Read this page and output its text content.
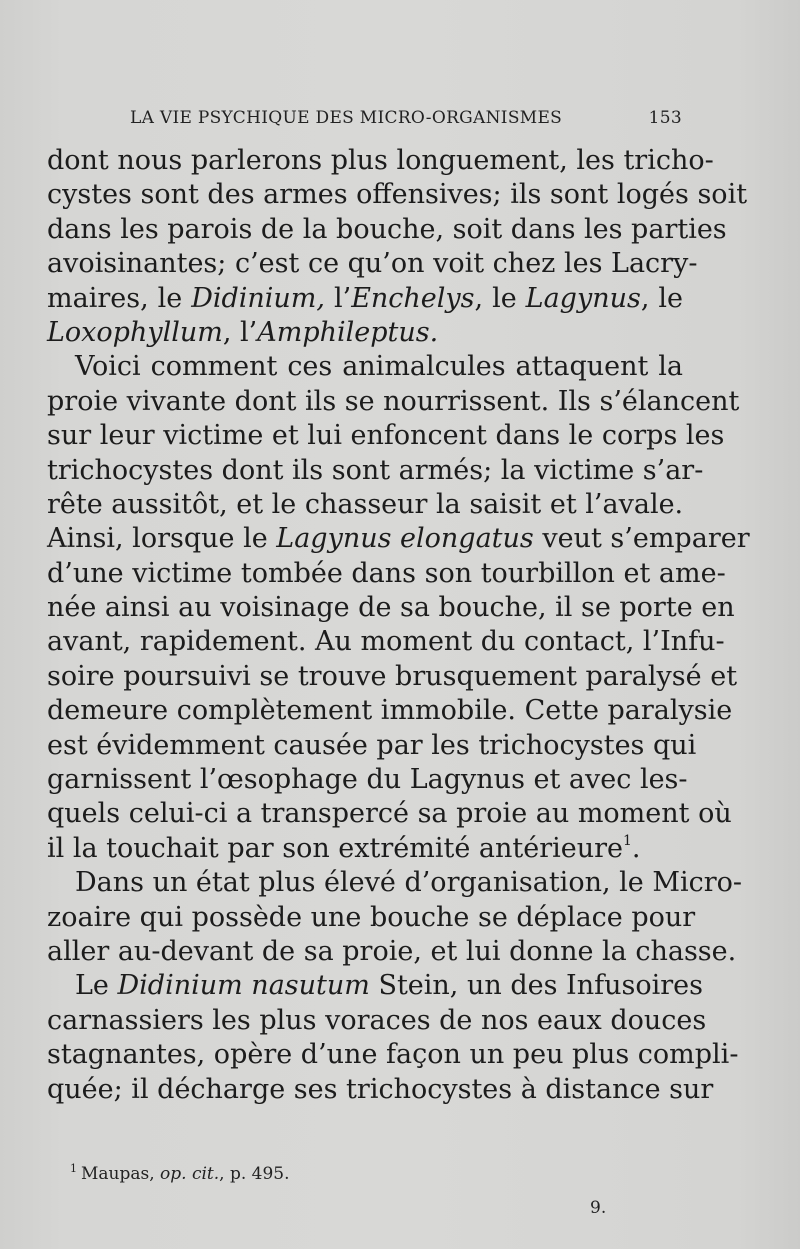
LA VIE PSYCHIQUE DES MICRO-ORGANISMES	153
dont nous parlerons plus longuement, les tricho-
cystes sont des armes offensives; ils sont logés soit
dans les parois de la bouche, soit dans les parties
avoisinantes; c’est ce qu’on voit chez les Lacry-
maires, le Didinium, l’Enchelys, le Lagynus, le
Loxophyllum, l’Amphileptus.
Voici comment ces animalcules attaquent la
proie vivante dont ils se nourrissent. Ils s’élancent
sur leur victime et lui enfoncent dans le corps les
trichocystes dont ils sont armés; la victime s’ar-
rête aussitôt, et le chasseur la saisit et l’avale.
Ainsi, lorsque le Lagynus elongatus veut s’emparer
d’une victime tombée dans son tourbillon et ame-
née ainsi au voisinage de sa bouche, il se porte en
avant, rapidement. Au moment du contact, l’Infu-
soire poursuivi se trouve brusquement paralysé et
demeure complètement immobile. Cette paralysie
est évidemment causée par les trichocystes qui
garnissent l’œsophage du Lagynus et avec les-
quels celui-ci a transpercé sa proie au moment où
il la touchait par son extrémité antérieure$^1$.
Dans un état plus élevé d’organisation, le Micro-
zoaire qui possède une bouche se déplace pour
aller au-devant de sa proie, et lui donne la chasse.
Le Didinium nasutum Stein, un des Infusoires
carnassiers les plus voraces de nos eaux douces
stagnantes, opère d’une façon un peu plus compli-
quée; il décharge ses trichocystes à distance sur
$^1$ Maupas, op. cit., p. 495.
9.
